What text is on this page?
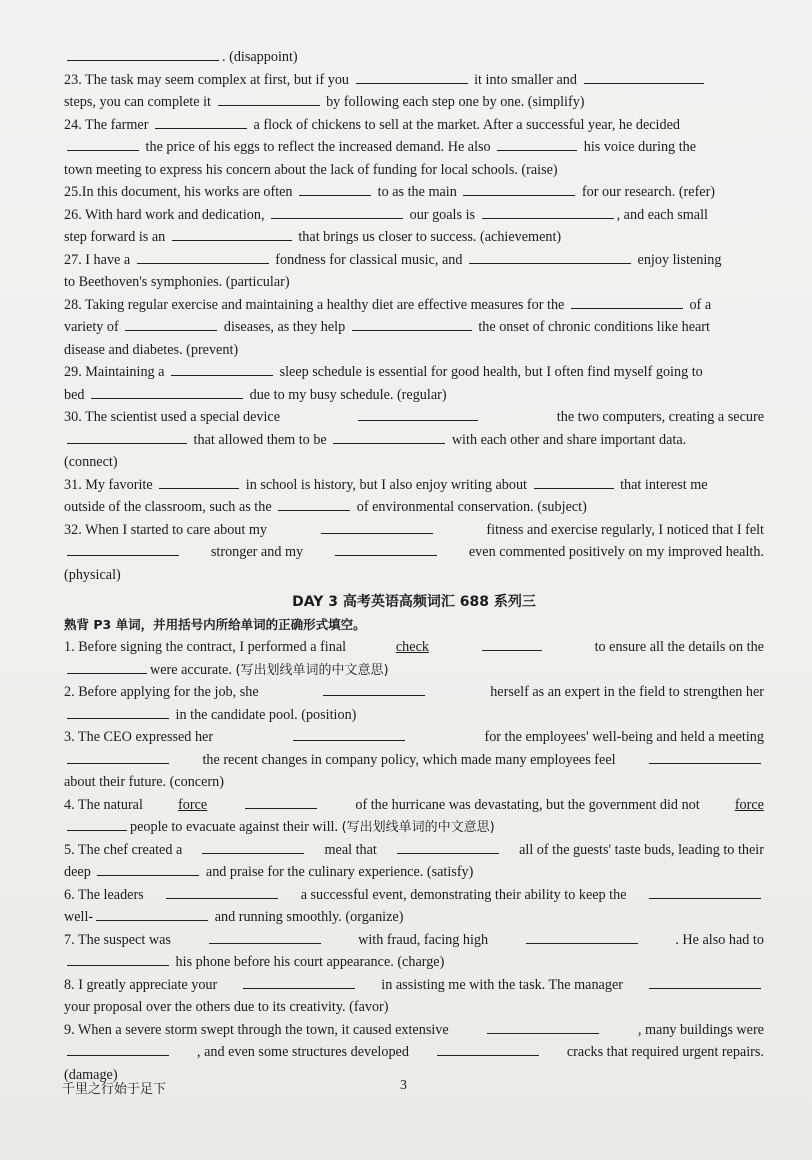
. (disappoint)
23. The task may seem complex at first, but if you	it into smaller and
steps, you can complete it	by following each step one by one. (simplify)
24. The farmer	a flock of chickens to sell at the market. After a successful year, he decided
the price of his eggs to reflect the increased demand. He also	his voice during the
town meeting to express his concern about the lack of funding for local schools. (raise)
25.In this document, his works are often	to as the main	for our research. (refer)
26. With hard work and dedication,	our goals is	, and each small
step forward is an	that brings us closer to success. (achievement)
27. I have a	fondness for classical music, and	enjoy listening
to Beethoven's symphonies. (particular)
28. Taking regular exercise and maintaining a healthy diet are effective measures for the	of a
variety of	diseases, as they help	the onset of chronic conditions like heart
disease and diabetes. (prevent)
29. Maintaining a	sleep schedule is essential for good health, but I often find myself going to
bed	due to my busy schedule. (regular)
30. The scientist used a special device	the two computers, creating a secure
that allowed them to be	with each other and share important data.
(connect)
31. My favorite	in school is history, but I also enjoy writing about	that interest me
outside of the classroom, such as the	of environmental conservation. (subject)
32. When I started to care about my	fitness and exercise regularly, I noticed that I felt
stronger and my	even commented positively on my improved health.
(physical)
DAY 3 高考英语高频词汇 688 系列三
熟背 P3 单词，并用括号内所给单词的正确形式填空。
1. Before signing the contract, I performed a final	check	to ensure all the details on the
were accurate. (写出划线单词的中文意思)
2. Before applying for the job, she	herself as an expert in the field to strengthen her
in the candidate pool. (position)
3. The CEO expressed her	for the employees' well-being and held a meeting
the recent changes in company policy, which made many employees feel
about their future. (concern)
4. The natural force	of the hurricane was devastating, but the government did not force
people to evacuate against their will. (写出划线单词的中文意思)
5. The chef created a	meal that	all of the guests' taste buds, leading to their
deep	and praise for the culinary experience. (satisfy)
6. The leaders	a successful event, demonstrating their ability to keep the
well-	and running smoothly. (organize)
7. The suspect was	with fraud, facing high	. He also had to
his phone before his court appearance. (charge)
8. I greatly appreciate your	in assisting me with the task. The manager
your proposal over the others due to its creativity. (favor)
9. When a severe storm swept through the town, it caused extensive	, many buildings were
, and even some structures developed	cracks that required urgent repairs.
(damage)
千里之行始于足下	3
